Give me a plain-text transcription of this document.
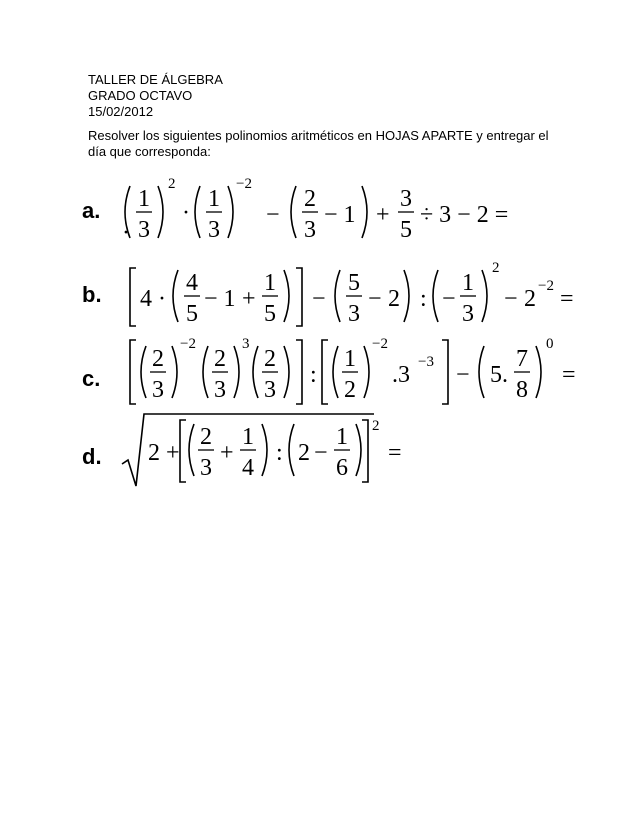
TALLER DE ÁLGEBRA
GRADO OCTAVO
15/02/2012
Resolver los siguientes polinomios aritméticos en HOJAS APARTE y entregar el
día que corresponda:
a. 1
3
2
·
·
1
3
−2
−
2
3
− 1 +
3
5
÷ 3 − 2 =
b. 4 ·
4
5
− 1 +
1
5
−
5
3
− 2 : −
1
3
2
− 2 −2 =
c.
2
3
−2
2
3
3
2
3
:
1
2
−2
.3 −3 − 5.
7
8
0
=
d. 2 +
2
3
+
1
4
: 2 −
1
6
2
=
